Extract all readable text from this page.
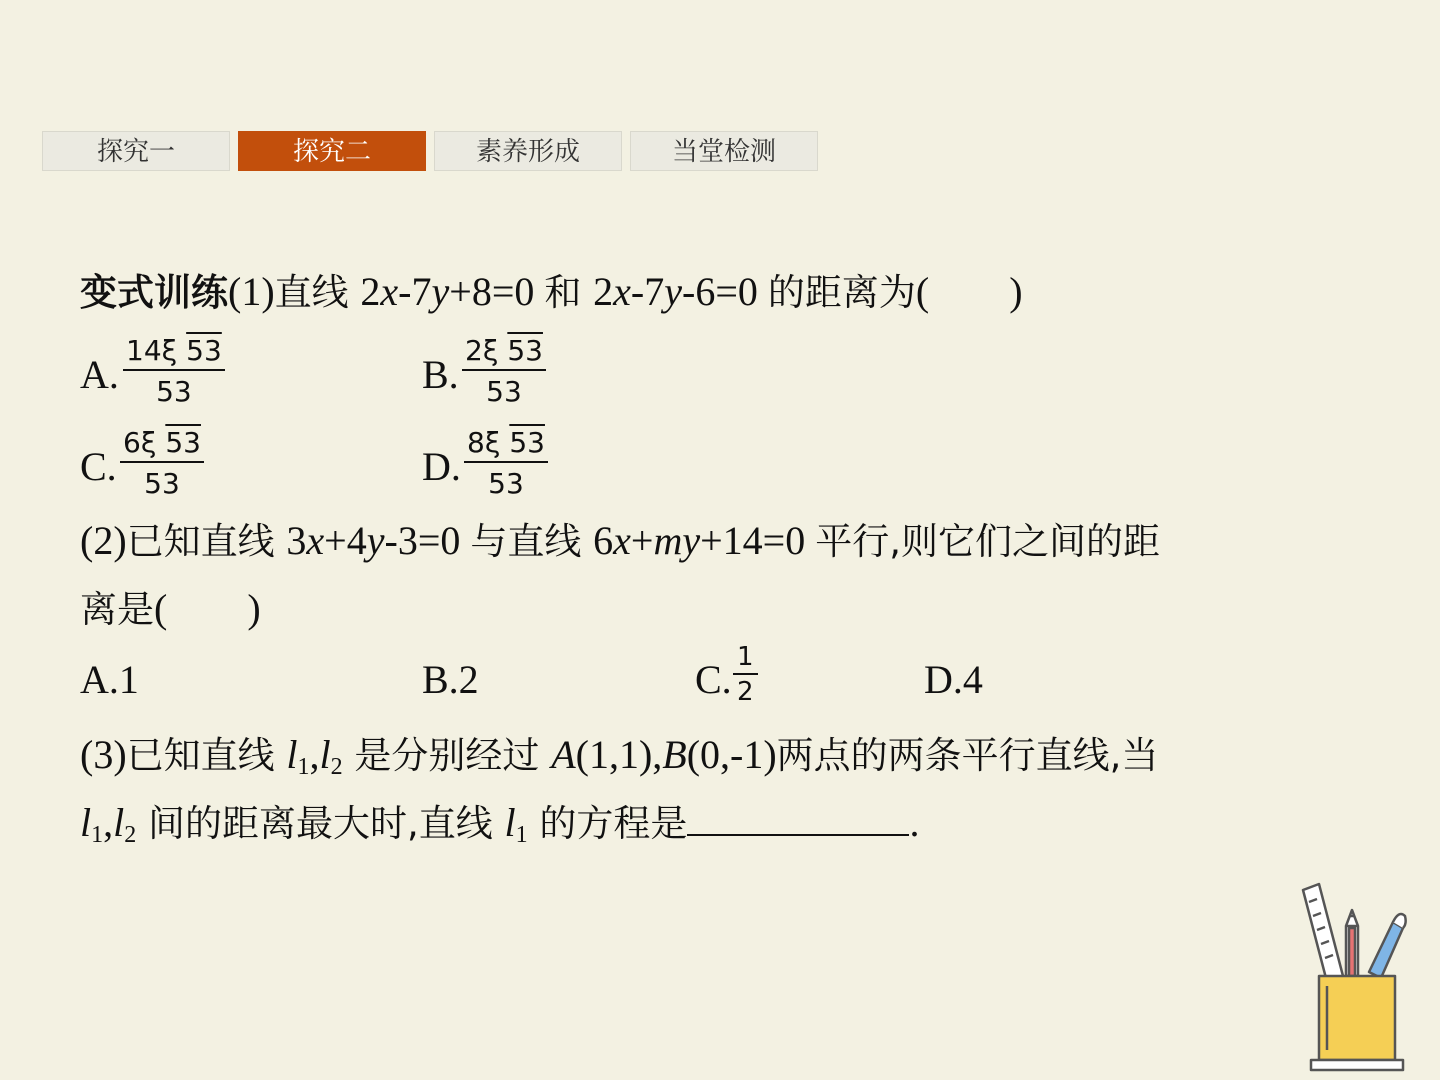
探究一	探究二	素养形成	当堂检测
变式训练(1)直线 2x-7y+8=0 和 2x-7y-6=0 的距离为(        )
A. $\frac{14\xi 53}{53}$	B. $\frac{2\xi 53}{53}$
C. $\frac{6\xi 53}{53}$	D. $\frac{8\xi 53}{53}$
(2)已知直线 3x+4y-3=0 与直线 6x+my+14=0 平行,则它们之间的距
离是(        )
A.1	B.2	C. $\frac{1}{2}$	D.4
(3)已知直线 $l_1,l_2$ 是分别经过 A(1,1),B(0,-1)两点的两条平行直线,当
$l_1,l_2$ 间的距离最大时,直线 $l_1$ 的方程是	.
